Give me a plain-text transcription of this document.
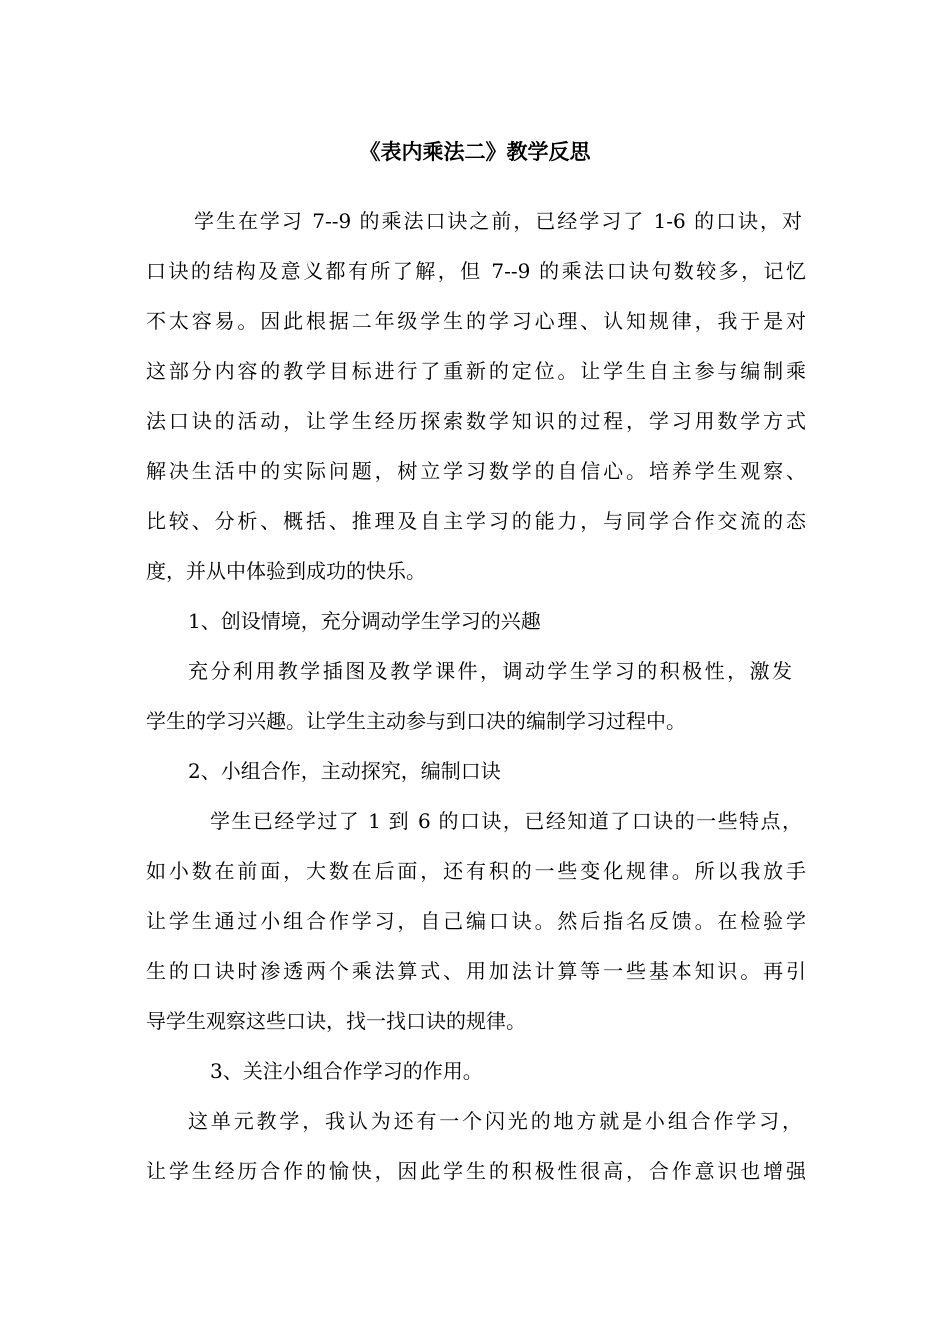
《表内乘法二》教学反思
学生在学习 7--9 的乘法口诀之前，已经学习了 1-6 的口诀，对
口诀的结构及意义都有所了解，但 7--9 的乘法口诀句数较多，记忆
不太容易。因此根据二年级学生的学习心理、认知规律，我于是对
这部分内容的教学目标进行了重新的定位。让学生自主参与编制乘
法口诀的活动，让学生经历探索数学知识的过程，学习用数学方式
解决生活中的实际问题，树立学习数学的自信心。培养学生观察、
比较、分析、概括、推理及自主学习的能力，与同学合作交流的态
度，并从中体验到成功的快乐。
1、创设情境，充分调动学生学习的兴趣
充分利用教学插图及教学课件，调动学生学习的积极性，激发
学生的学习兴趣。让学生主动参与到口决的编制学习过程中。
2、小组合作，主动探究，编制口诀
学生已经学过了 1 到 6 的口诀，已经知道了口诀的一些特点，
如小数在前面，大数在后面，还有积的一些变化规律。所以我放手
让学生通过小组合作学习，自己编口诀。然后指名反馈。在检验学
生的口诀时渗透两个乘法算式、用加法计算等一些基本知识。再引
导学生观察这些口诀，找一找口诀的规律。
3、关注小组合作学习的作用。
这单元教学，我认为还有一个闪光的地方就是小组合作学习，
让学生经历合作的愉快，因此学生的积极性很高，合作意识也增强
